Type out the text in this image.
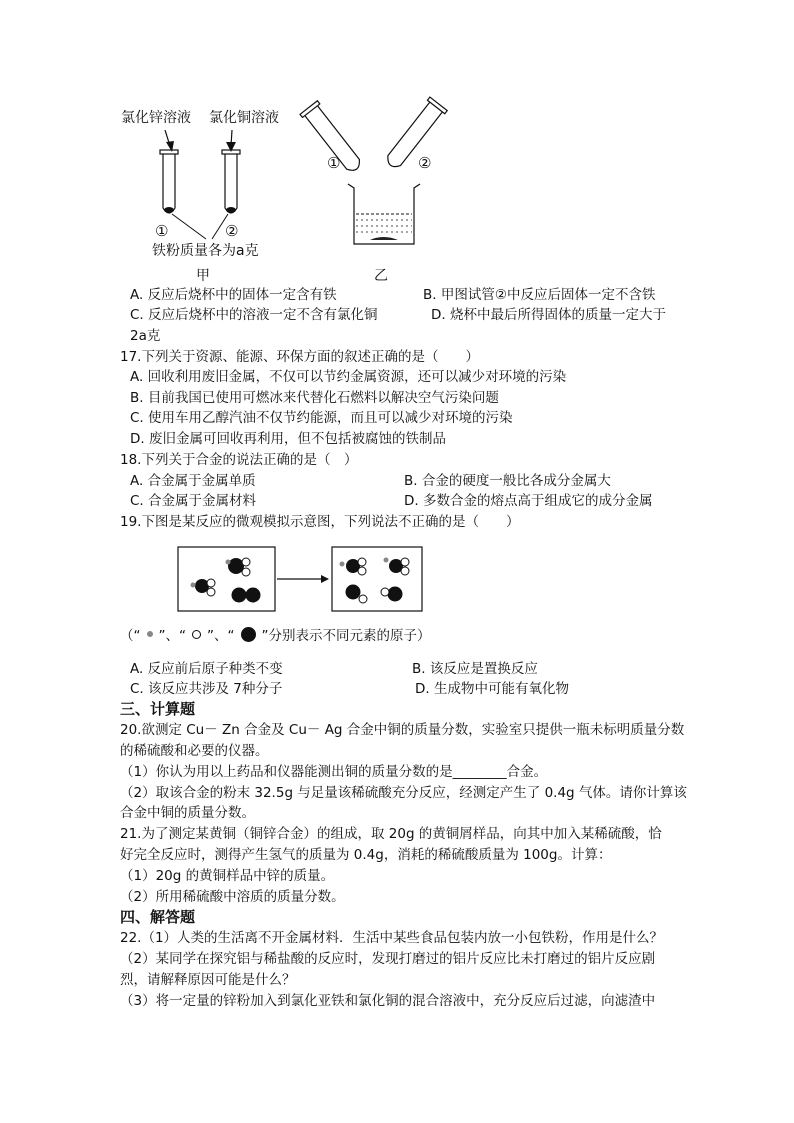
氯化锌溶液 氯化铜溶液
①	②
铁粉质量各为a克
甲
①	②
乙
A. 反应后烧杯中的固体一定含有铁	B. 甲图试管②中反应后固体一定不含铁
C. 反应后烧杯中的溶液一定不含有氯化铜	D. 烧杯中最后所得固体的质量一定大于
2a克
17.下列关于资源、能源、环保方面的叙述正确的是（　　）
A. 回收利用废旧金属，不仅可以节约金属资源，还可以减少对环境的污染
B. 目前我国已使用可燃冰来代替化石燃料以解决空气污染问题
C. 使用车用乙醇汽油不仅节约能源，而且可以减少对环境的污染
D. 废旧金属可回收再利用，但不包括被腐蚀的铁制品
18.下列关于合金的说法正确的是（　）
A. 合金属于金属单质	B. 合金的硬度一般比各成分金属大
C. 合金属于金属材料	D. 多数合金的熔点高于组成它的成分金属
19.下图是某反应的微观模拟示意图，下列说法不正确的是（　　）
（“ ”、“ ”、“ ”分别表示不同元素的原子）
A. 反应前后原子种类不变	B. 该反应是置换反应
C. 该反应共涉及 7种分子	D. 生成物中可能有氧化物
三、计算题
20.欲测定 Cu－ Zn 合金及 Cu－ Ag 合金中铜的质量分数，实验室只提供一瓶未标明质量分数
的稀硫酸和必要的仪器。
（1）你认为用以上药品和仪器能测出铜的质量分数的是________合金。
（2）取该合金的粉末 32.5g 与足量该稀硫酸充分反应，经测定产生了 0.4g 气体。请你计算该
合金中铜的质量分数。
21.为了测定某黄铜（铜锌合金）的组成，取 20g 的黄铜屑样品，向其中加入某稀硫酸，恰
好完全反应时，测得产生氢气的质量为 0.4g，消耗的稀硫酸质量为 100g。计算：
（1）20g 的黄铜样品中锌的质量。
（2）所用稀硫酸中溶质的质量分数。
四、解答题
22.（1）人类的生活离不开金属材料．生活中某些食品包装内放一小包铁粉，作用是什么？
（2）某同学在探究铝与稀盐酸的反应时，发现打磨过的铝片反应比未打磨过的铝片反应剧
烈，请解释原因可能是什么？
（3）将一定量的锌粉加入到氯化亚铁和氯化铜的混合溶液中，充分反应后过滤，向滤渣中
